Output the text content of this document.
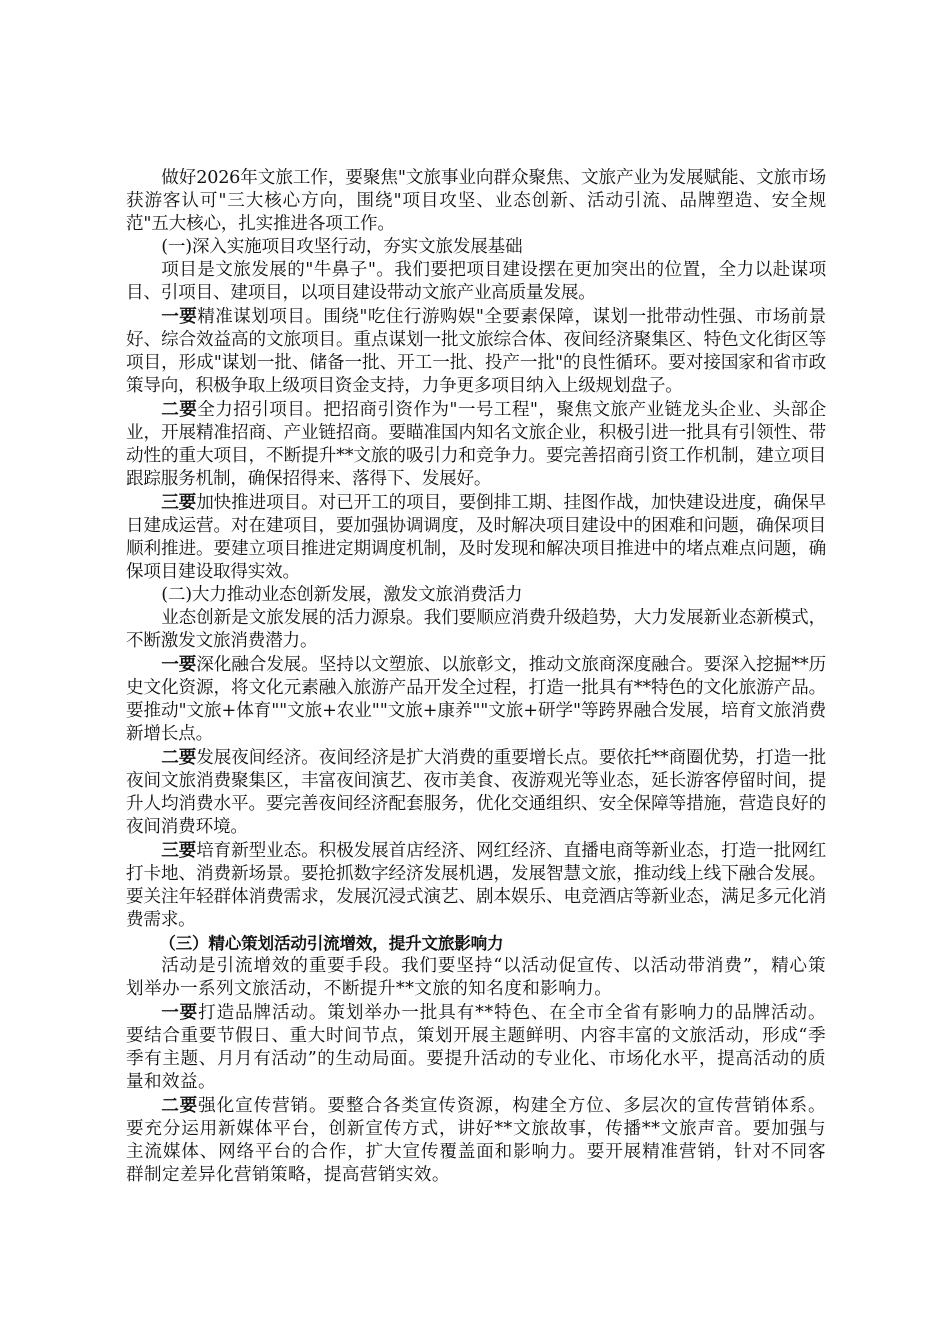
做好2026年文旅工作，要聚焦"文旅事业向群众聚焦、文旅产业为发展赋能、文旅市场获游客认可"三大核心方向，围绕"项目攻坚、业态创新、活动引流、品牌塑造、安全规范"五大核心，扎实推进各项工作。

(一)深入实施项目攻坚行动，夯实文旅发展基础

项目是文旅发展的"牛鼻子"。我们要把项目建设摆在更加突出的位置，全力以赴谋项目、引项目、建项目，以项目建设带动文旅产业高质量发展。

一要精准谋划项目。围绕"吃住行游购娱"全要素保障，谋划一批带动性强、市场前景好、综合效益高的文旅项目。重点谋划一批文旅综合体、夜间经济聚集区、特色文化街区等项目，形成"谋划一批、储备一批、开工一批、投产一批"的良性循环。要对接国家和省市政策导向，积极争取上级项目资金支持，力争更多项目纳入上级规划盘子。

二要全力招引项目。把招商引资作为"一号工程"，聚焦文旅产业链龙头企业、头部企业，开展精准招商、产业链招商。要瞄准国内知名文旅企业，积极引进一批具有引领性、带动性的重大项目，不断提升**文旅的吸引力和竞争力。要完善招商引资工作机制，建立项目跟踪服务机制，确保招得来、落得下、发展好。

三要加快推进项目。对已开工的项目，要倒排工期、挂图作战，加快建设进度，确保早日建成运营。对在建项目，要加强协调调度，及时解决项目建设中的困难和问题，确保项目顺利推进。要建立项目推进定期调度机制，及时发现和解决项目推进中的堵点难点问题，确保项目建设取得实效。

(二)大力推动业态创新发展，激发文旅消费活力

业态创新是文旅发展的活力源泉。我们要顺应消费升级趋势，大力发展新业态新模式，不断激发文旅消费潜力。

一要深化融合发展。坚持以文塑旅、以旅彰文，推动文旅商深度融合。要深入挖掘**历史文化资源，将文化元素融入旅游产品开发全过程，打造一批具有**特色的文化旅游产品。要推动"文旅+体育""文旅+农业""文旅+康养""文旅+研学"等跨界融合发展，培育文旅消费新增长点。

二要发展夜间经济。夜间经济是扩大消费的重要增长点。要依托**商圈优势，打造一批夜间文旅消费聚集区，丰富夜间演艺、夜市美食、夜游观光等业态，延长游客停留时间，提升人均消费水平。要完善夜间经济配套服务，优化交通组织、安全保障等措施，营造良好的夜间消费环境。

三要培育新型业态。积极发展首店经济、网红经济、直播电商等新业态，打造一批网红打卡地、消费新场景。要抢抓数字经济发展机遇，发展智慧文旅，推动线上线下融合发展。要关注年轻群体消费需求，发展沉浸式演艺、剧本娱乐、电竞酒店等新业态，满足多元化消费需求。

（三）精心策划活动引流增效，提升文旅影响力

活动是引流增效的重要手段。我们要坚持“以活动促宣传、以活动带消费”，精心策划举办一系列文旅活动，不断提升**文旅的知名度和影响力。

一要打造品牌活动。策划举办一批具有**特色、在全市全省有影响力的品牌活动。要结合重要节假日、重大时间节点，策划开展主题鲜明、内容丰富的文旅活动，形成“季季有主题、月月有活动”的生动局面。要提升活动的专业化、市场化水平，提高活动的质量和效益。

二要强化宣传营销。要整合各类宣传资源，构建全方位、多层次的宣传营销体系。要充分运用新媒体平台，创新宣传方式，讲好**文旅故事，传播**文旅声音。要加强与主流媒体、网络平台的合作，扩大宣传覆盖面和影响力。要开展精准营销，针对不同客群制定差异化营销策略，提高营销实效。
